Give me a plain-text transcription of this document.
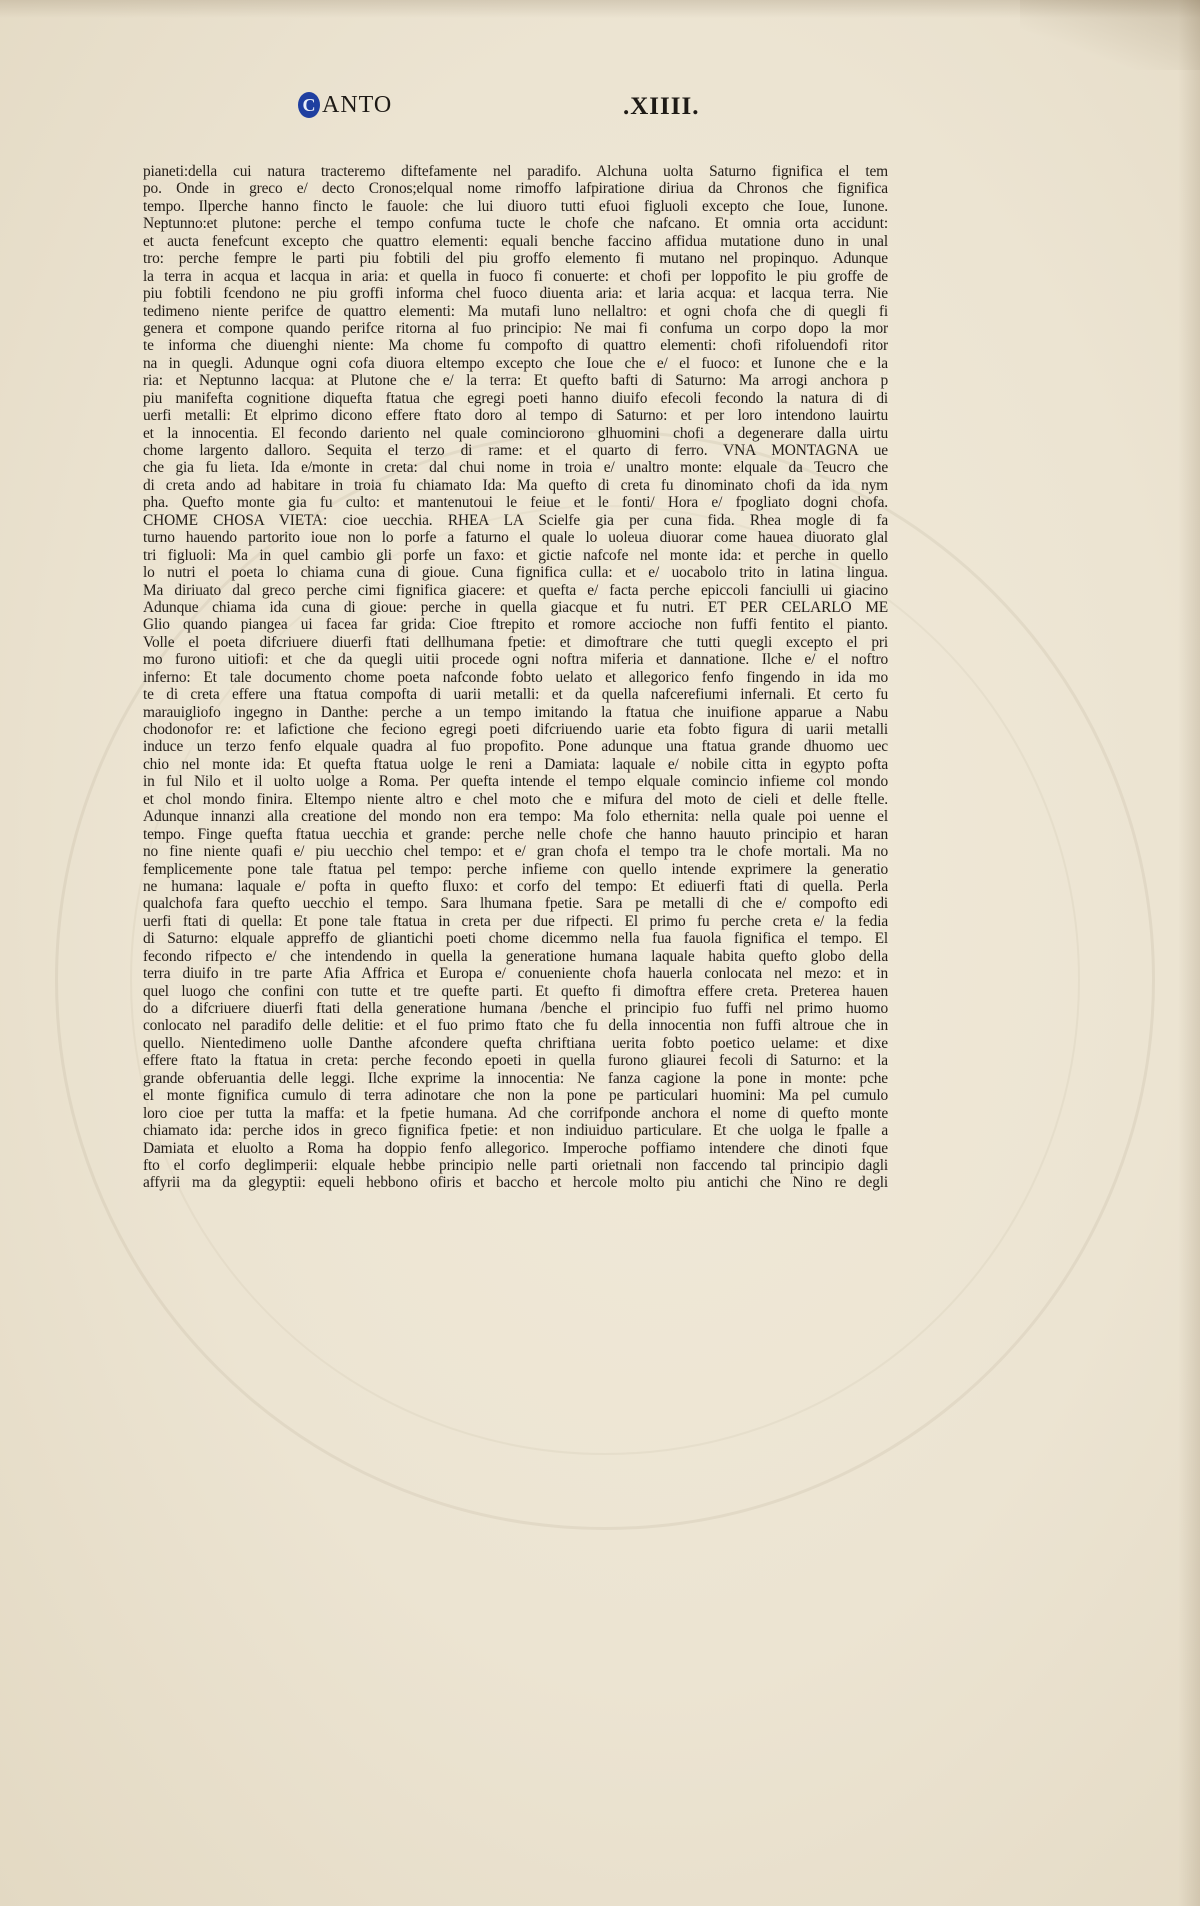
C ANTO	.XIIII.
pianeti:della cui natura tracteremo diftefamente nel paradifo. Alchuna uolta Saturno fignifica el tem
po. Onde in greco e/ decto Cronos;elqual nome rimoffo lafpiratione diriua da Chronos che fignifica
tempo. Ilperche hanno fincto le fauole: che lui diuoro tutti efuoi figluoli excepto che Ioue, Iunone.
Neptunno:et plutone: perche el tempo confuma tucte le chofe che nafcano. Et omnia orta accidunt:
et aucta fenefcunt excepto che quattro elementi: equali benche faccino affidua mutatione duno in unal
tro: perche fempre le parti piu fobtili del piu groffo elemento fi mutano nel propinquo. Adunque
la terra in acqua et lacqua in aria: et quella in fuoco fi conuerte: et chofi per loppofito le piu groffe de
piu fobtili fcendono ne piu groffi informa chel fuoco diuenta aria: et laria acqua: et lacqua terra. Nie
tedimeno niente perifce de quattro elementi: Ma mutafi luno nellaltro: et ogni chofa che di quegli fi
genera et compone quando perifce ritorna al fuo principio: Ne mai fi confuma un corpo dopo la mor
te informa che diuenghi niente: Ma chome fu compofto di quattro elementi: chofi rifoluendofi ritor
na in quegli. Adunque ogni cofa diuora eltempo excepto che Ioue che e/ el fuoco: et Iunone che e la
ria: et Neptunno lacqua: at Plutone che e/ la terra: Et quefto bafti di Saturno: Ma arrogi anchora p
piu manifefta cognitione diquefta ftatua che egregi poeti hanno diuifo efecoli fecondo la natura di di
uerfi metalli: Et elprimo dicono effere ftato doro al tempo di Saturno: et per loro intendono lauirtu
et la innocentia. El fecondo dariento nel quale cominciorono glhuomini chofi a degenerare dalla uirtu
chome largento dalloro. Sequita el terzo di rame: et el quarto di ferro. VNA MONTAGNA ue
che gia fu lieta. Ida e/monte in creta: dal chui nome in troia e/ unaltro monte: elquale da Teucro che
di creta ando ad habitare in troia fu chiamato Ida: Ma quefto di creta fu dinominato chofi da ida nym
pha. Quefto monte gia fu culto: et mantenutoui le feiue et le fonti/ Hora e/ fpogliato dogni chofa.
CHOME CHOSA VIETA: cioe uecchia. RHEA LA Scielfe gia per cuna fida. Rhea mogle di fa
turno hauendo partorito ioue non lo porfe a faturno el quale lo uoleua diuorar come hauea diuorato glal
tri figluoli: Ma in quel cambio gli porfe un faxo: et gictie nafcofe nel monte ida: et perche in quello
lo nutri el poeta lo chiama cuna di gioue. Cuna fignifica culla: et e/ uocabolo trito in latina lingua.
Ma diriuato dal greco perche cimi fignifica giacere: et quefta e/ facta perche epiccoli fanciulli ui giacino
Adunque chiama ida cuna di gioue: perche in quella giacque et fu nutri. ET PER CELARLO ME
Glio quando piangea ui facea far grida: Cioe ftrepito et romore accioche non fuffi fentito el pianto.
Volle el poeta difcriuere diuerfi ftati dellhumana fpetie: et dimoftrare che tutti quegli excepto el pri
mo furono uitiofi: et che da quegli uitii procede ogni noftra miferia et dannatione. Ilche e/ el noftro
inferno: Et tale documento chome poeta nafconde fobto uelato et allegorico fenfo fingendo in ida mo
te di creta effere una ftatua compofta di uarii metalli: et da quella nafcerefiumi infernali. Et certo fu
marauigliofo ingegno in Danthe: perche a un tempo imitando la ftatua che inuifione apparue a Nabu
chodonofor re: et lafictione che feciono egregi poeti difcriuendo uarie eta fobto figura di uarii metalli
induce un terzo fenfo elquale quadra al fuo propofito. Pone adunque una ftatua grande dhuomo uec
chio nel monte ida: Et quefta ftatua uolge le reni a Damiata: laquale e/ nobile citta in egypto pofta
in ful Nilo et il uolto uolge a Roma. Per quefta intende el tempo elquale comincio infieme col mondo
et chol mondo finira. Eltempo niente altro e chel moto che e mifura del moto de cieli et delle ftelle.
Adunque innanzi alla creatione del mondo non era tempo: Ma folo ethernita: nella quale poi uenne el
tempo. Finge quefta ftatua uecchia et grande: perche nelle chofe che hanno hauuto principio et haran
no fine niente quafi e/ piu uecchio chel tempo: et e/ gran chofa el tempo tra le chofe mortali. Ma no
femplicemente pone tale ftatua pel tempo: perche infieme con quello intende exprimere la generatio
ne humana: laquale e/ pofta in quefto fluxo: et corfo del tempo: Et ediuerfi ftati di quella. Perla
qualchofa fara quefto uecchio el tempo. Sara lhumana fpetie. Sara pe metalli di che e/ compofto edi
uerfi ftati di quella: Et pone tale ftatua in creta per due rifpecti. El primo fu perche creta e/ la fedia
di Saturno: elquale appreffo de gliantichi poeti chome dicemmo nella fua fauola fignifica el tempo. El
fecondo rifpecto e/ che intendendo in quella la generatione humana laquale habita quefto globo della
terra diuifo in tre parte Afia Affrica et Europa e/ conueniente chofa hauerla conlocata nel mezo: et in
quel luogo che confini con tutte et tre quefte parti. Et quefto fi dimoftra effere creta. Preterea hauen
do a difcriuere diuerfi ftati della generatione humana /benche el principio fuo fuffi nel primo huomo
conlocato nel paradifo delle delitie: et el fuo primo ftato che fu della innocentia non fuffi altroue che in
quello. Nientedimeno uolle Danthe afcondere quefta chriftiana uerita fobto poetico uelame: et dixe
effere ftato la ftatua in creta: perche fecondo epoeti in quella furono gliaurei fecoli di Saturno: et la
grande obferuantia delle leggi. Ilche exprime la innocentia: Ne fanza cagione la pone in monte: pche
el monte fignifica cumulo di terra adinotare che non la pone pe particulari huomini: Ma pel cumulo
loro cioe per tutta la maffa: et la fpetie humana. Ad che corrifponde anchora el nome di quefto monte
chiamato ida: perche idos in greco fignifica fpetie: et non indiuiduo particulare. Et che uolga le fpalle a
Damiata et eluolto a Roma ha doppio fenfo allegorico. Imperoche poffiamo intendere che dinoti fque
fto el corfo deglimperii: elquale hebbe principio nelle parti orietnali non faccendo tal principio dagli
affyrii ma da glegyptii: equeli hebbono ofiris et baccho et hercole molto piu antichi che Nino re degli
